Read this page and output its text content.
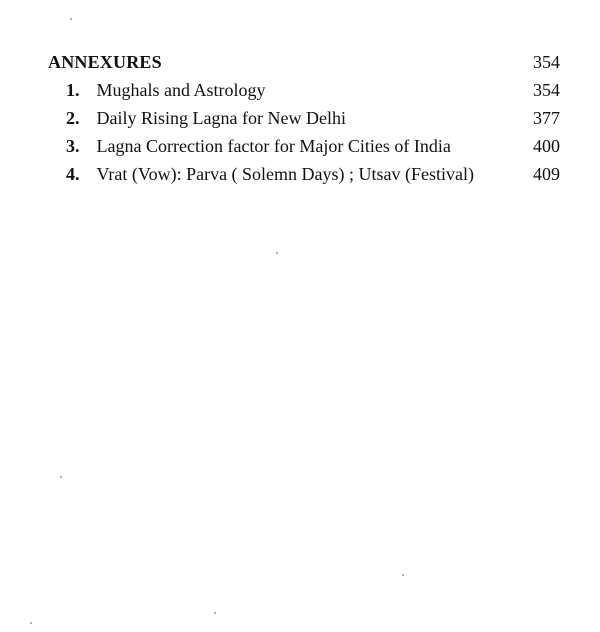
ANNEXURES	354
1. Mughals and Astrology	354
2. Daily Rising Lagna for New Delhi	377
3. Lagna Correction factor for Major Cities of India	400
4. Vrat (Vow): Parva ( Solemn Days) ; Utsav (Festival)	409
